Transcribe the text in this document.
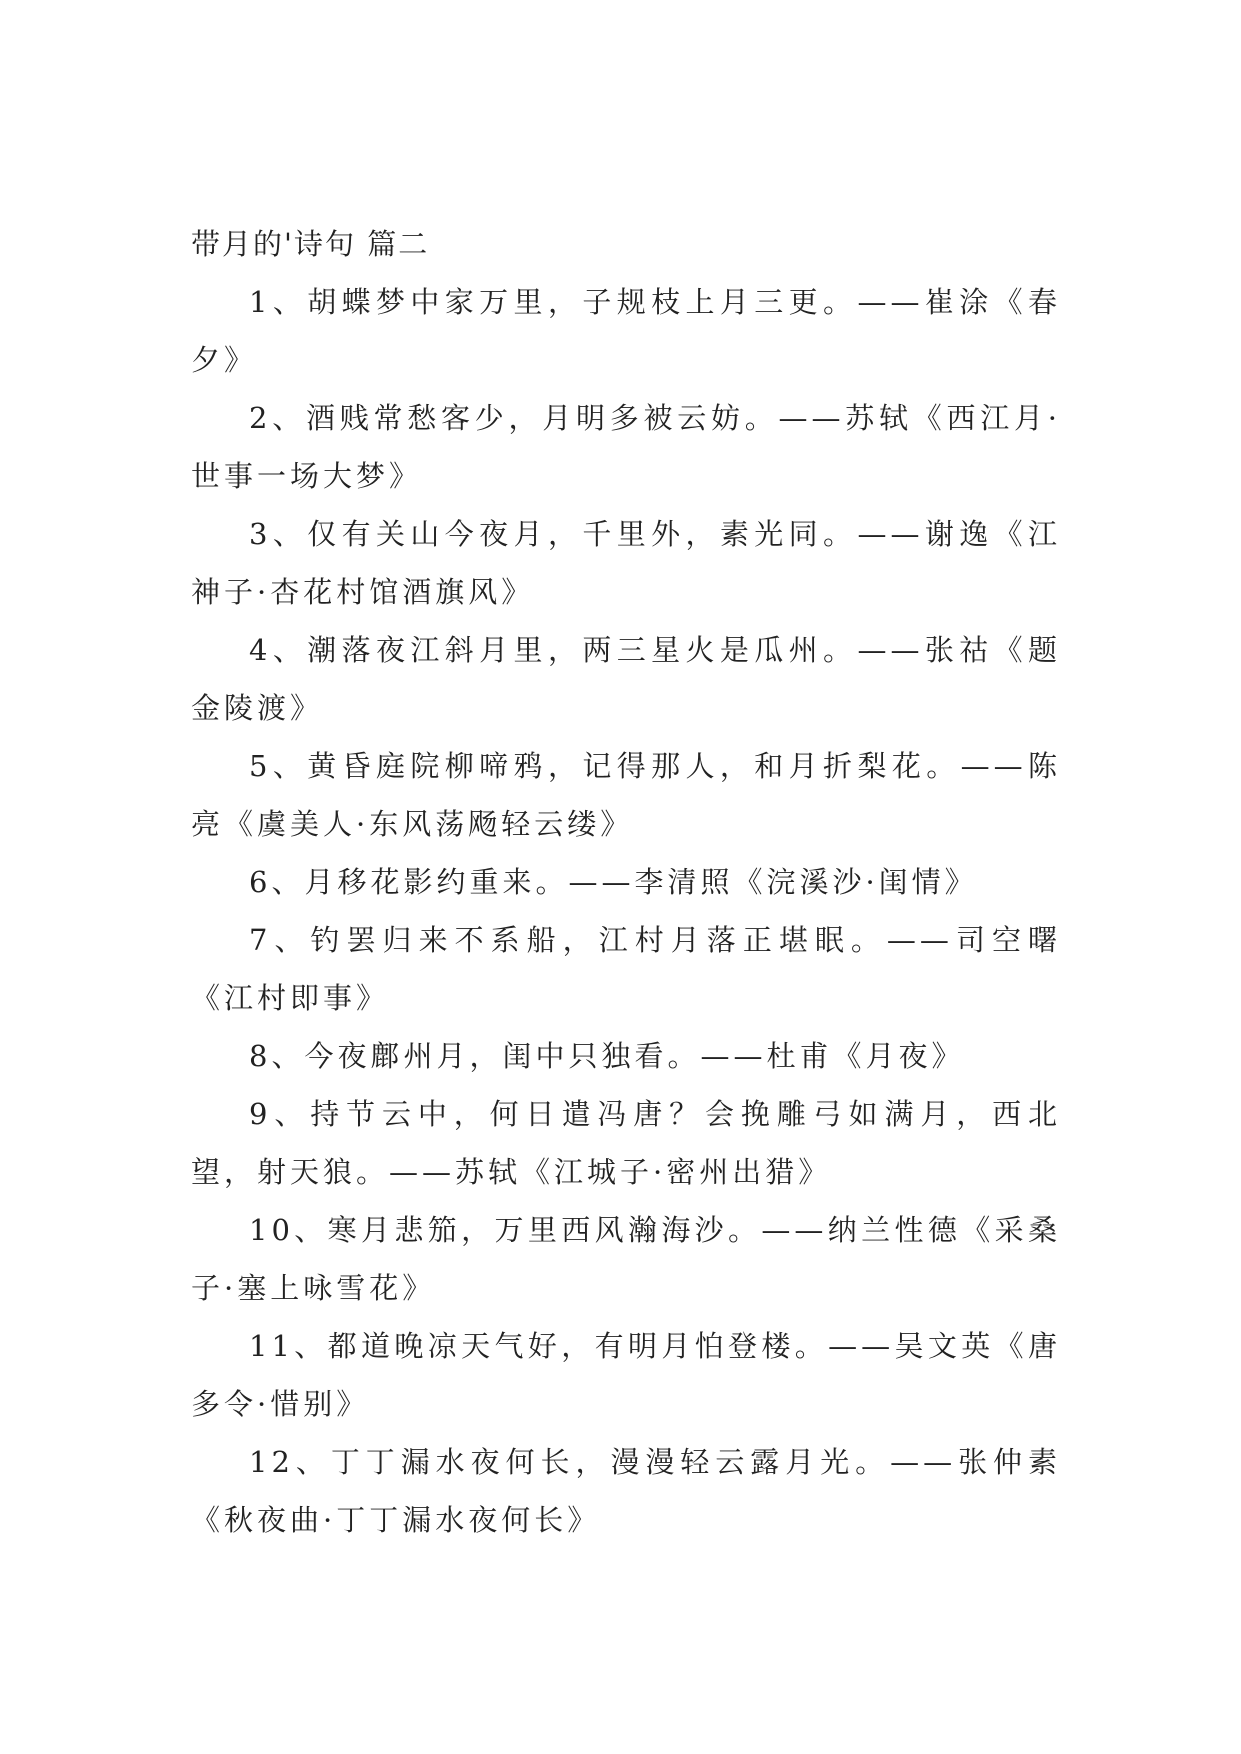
带月的'诗句 篇二

1、胡蝶梦中家万里，子规枝上月三更。——崔涂《春夕》

2、酒贱常愁客少，月明多被云妨。——苏轼《西江月·世事一场大梦》

3、仅有关山今夜月，千里外，素光同。——谢逸《江神子·杏花村馆酒旗风》

4、潮落夜江斜月里，两三星火是瓜州。——张祜《题金陵渡》

5、黄昏庭院柳啼鸦，记得那人，和月折梨花。——陈亮《虞美人·东风荡飏轻云缕》

6、月移花影约重来。——李清照《浣溪沙·闺情》

7、钓罢归来不系船，江村月落正堪眠。——司空曙《江村即事》

8、今夜鄜州月，闺中只独看。——杜甫《月夜》

9、持节云中，何日遣冯唐？会挽雕弓如满月，西北望，射天狼。——苏轼《江城子·密州出猎》

10、寒月悲笳，万里西风瀚海沙。——纳兰性德《采桑子·塞上咏雪花》

11、都道晚凉天气好，有明月怕登楼。——吴文英《唐多令·惜别》

12、丁丁漏水夜何长，漫漫轻云露月光。——张仲素《秋夜曲·丁丁漏水夜何长》
